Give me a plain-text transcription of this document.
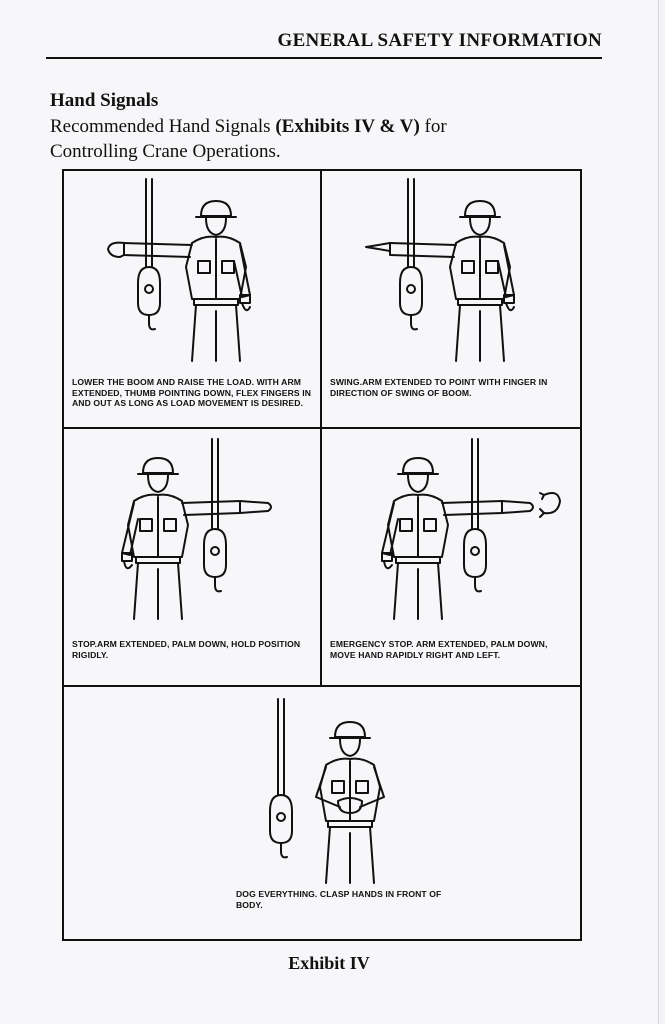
GENERAL SAFETY INFORMATION
Hand Signals
Recommended Hand Signals (Exhibits IV & V) for
Controlling Crane Operations.
LOWER THE BOOM AND RAISE THE LOAD. WITH ARM EXTENDED, THUMB POINTING DOWN, FLEX FINGERS IN AND OUT AS LONG AS LOAD MOVEMENT IS DESIRED.
SWING.ARM EXTENDED TO POINT WITH FINGER IN DIRECTION OF SWING OF BOOM.
STOP.ARM EXTENDED, PALM DOWN, HOLD POSITION RIGIDLY.
EMERGENCY STOP. ARM EXTENDED, PALM DOWN, MOVE HAND RAPIDLY RIGHT AND LEFT.
DOG EVERYTHING. CLASP HANDS IN FRONT OF BODY.
Exhibit IV
